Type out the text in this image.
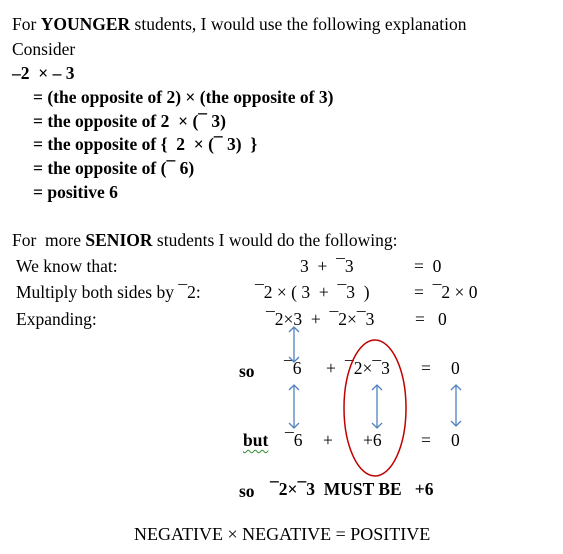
For YOUNGER students, I would use the following explanation
Consider
–2  × – 3
= (the opposite of 2) × (the opposite of 3)
= the opposite of 2  × (¯ 3)
= the opposite of {  2  × (¯ 3)  }
= the opposite of (¯ 6)
= positive 6
For  more SENIOR students I would do the following:
We know that:	3  +  ¯3	=  0
Multiply both sides by ¯2:	¯2 × ( 3  +  ¯3  )	=  ¯2 × 0
Expanding:	¯2×3  +  ¯2×¯3 =   0
so ¯6 + ¯2×¯3 = 0
but ¯6 + +6 = 0
so ¯2×¯3  MUST BE   +6
NEGATIVE × NEGATIVE = POSITIVE
